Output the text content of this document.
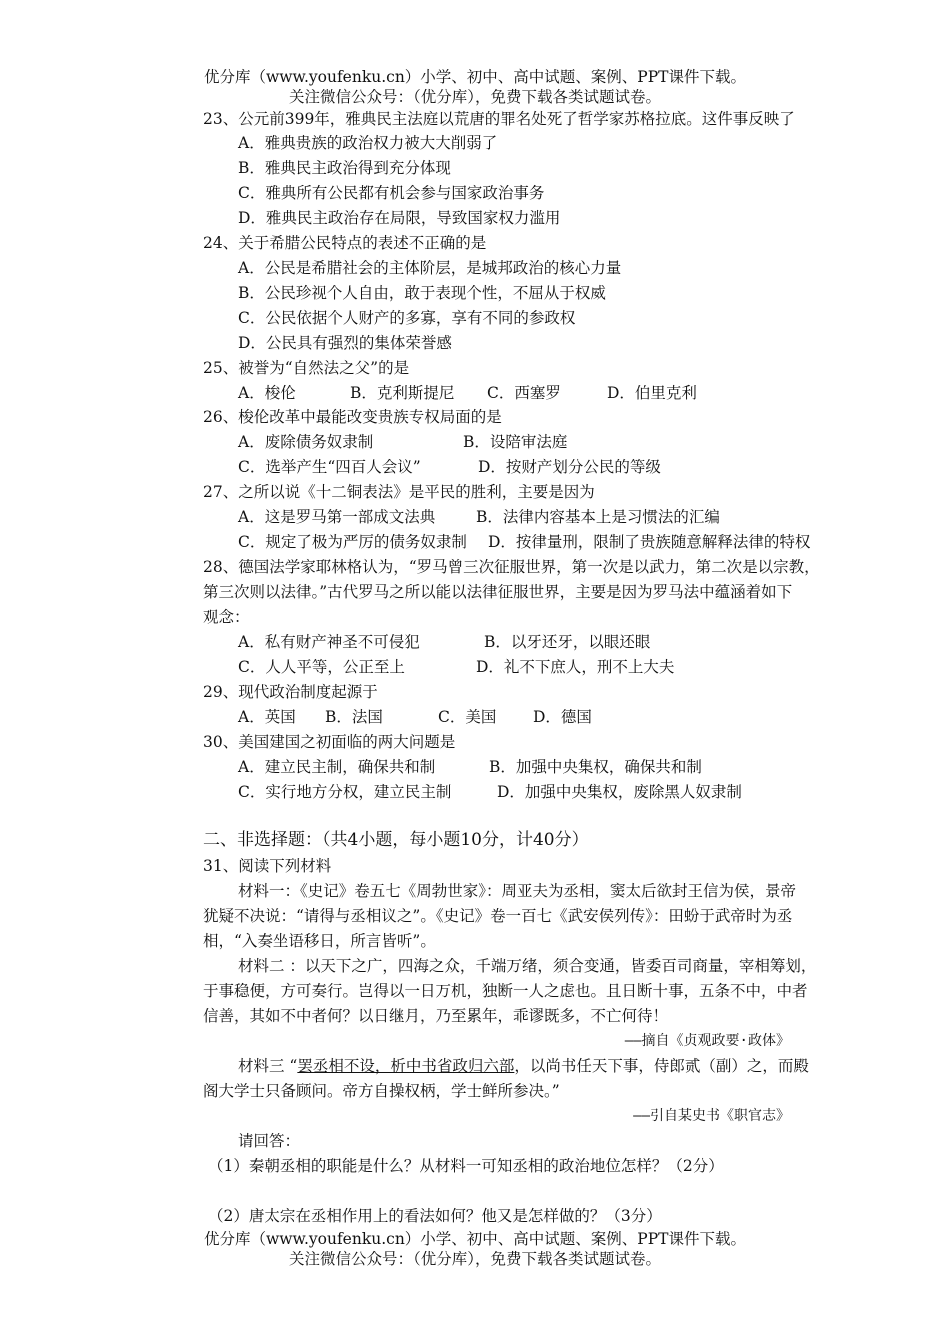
优分库（www.youfenku.cn）小学、初中、高中试题、案例、PPT课件下载。
关注微信公众号：（优分库），免费下载各类试题试卷。
23、公元前399年，雅典民主法庭以荒唐的罪名处死了哲学家苏格拉底。这件事反映了
A．雅典贵族的政治权力被大大削弱了
B．雅典民主政治得到充分体现
C．雅典所有公民都有机会参与国家政治事务
D．雅典民主政治存在局限，导致国家权力滥用
24、关于希腊公民特点的表述不正确的是
A．公民是希腊社会的主体阶层，是城邦政治的核心力量
B．公民珍视个人自由，敢于表现个性，不屈从于权威
C．公民依据个人财产的多寡，享有不同的参政权
D．公民具有强烈的集体荣誉感
25、被誉为“自然法之父”的是
A．梭伦	B．克利斯提尼 C．西塞罗	D．伯里克利
26、梭伦改革中最能改变贵族专权局面的是
A．废除债务奴隶制	B．设陪审法庭
C．选举产生“四百人会议”	D．按财产划分公民的等级
27、之所以说《十二铜表法》是平民的胜利，主要是因为
A．这是罗马第一部成文法典	B．法律内容基本上是习惯法的汇编
C．规定了极为严厉的债务奴隶制 D．按律量刑，限制了贵族随意解释法律的特权
28、德国法学家耶林格认为，“罗马曾三次征服世界，第一次是以武力，第二次是以宗教，
第三次则以法律。”古代罗马之所以能以法律征服世界，主要是因为罗马法中蕴涵着如下
观念：
A．私有财产神圣不可侵犯	B．以牙还牙，以眼还眼
C．人人平等，公正至上	D．礼不下庶人，刑不上大夫
29、现代政治制度起源于
A．英国 B．法国	C．美国 D．德国
30、美国建国之初面临的两大问题是
A．建立民主制，确保共和制	B．加强中央集权，确保共和制
C．实行地方分权，建立民主制	D．加强中央集权，废除黑人奴隶制
二、非选择题：（共4小题，每小题10分，计40分）
31、阅读下列材料
材料一：《史记》卷五七《周勃世家》：周亚夫为丞相，窦太后欲封王信为侯，景帝
犹疑不决说：“请得与丞相议之”。《史记》卷一百七《武安侯列传》：田蚡于武帝时为丞
相，“入奏坐语移日，所言皆听”。
材料二 ：以天下之广，四海之众，千端万绪，须合变通，皆委百司商量，宰相筹划，
于事稳便，方可奏行。岂得以一日万机，独断一人之虑也。且日断十事，五条不中，中者
信善，其如不中者何？以日继月，乃至累年，乖谬既多，不亡何待！
——摘自《贞观政要·政体》
材料三 “罢丞相不设，析中书省政归六部，以尚书任天下事，侍郎贰（副）之，而殿
阁大学士只备顾问。帝方自操权柄，学士鲜所参决。”
——引自某史书《职官志》
请回答：
（1）秦朝丞相的职能是什么？从材料一可知丞相的政治地位怎样？（2分）
（2）唐太宗在丞相作用上的看法如何？他又是怎样做的？（3分）
优分库（www.youfenku.cn）小学、初中、高中试题、案例、PPT课件下载。
关注微信公众号：（优分库），免费下载各类试题试卷。
